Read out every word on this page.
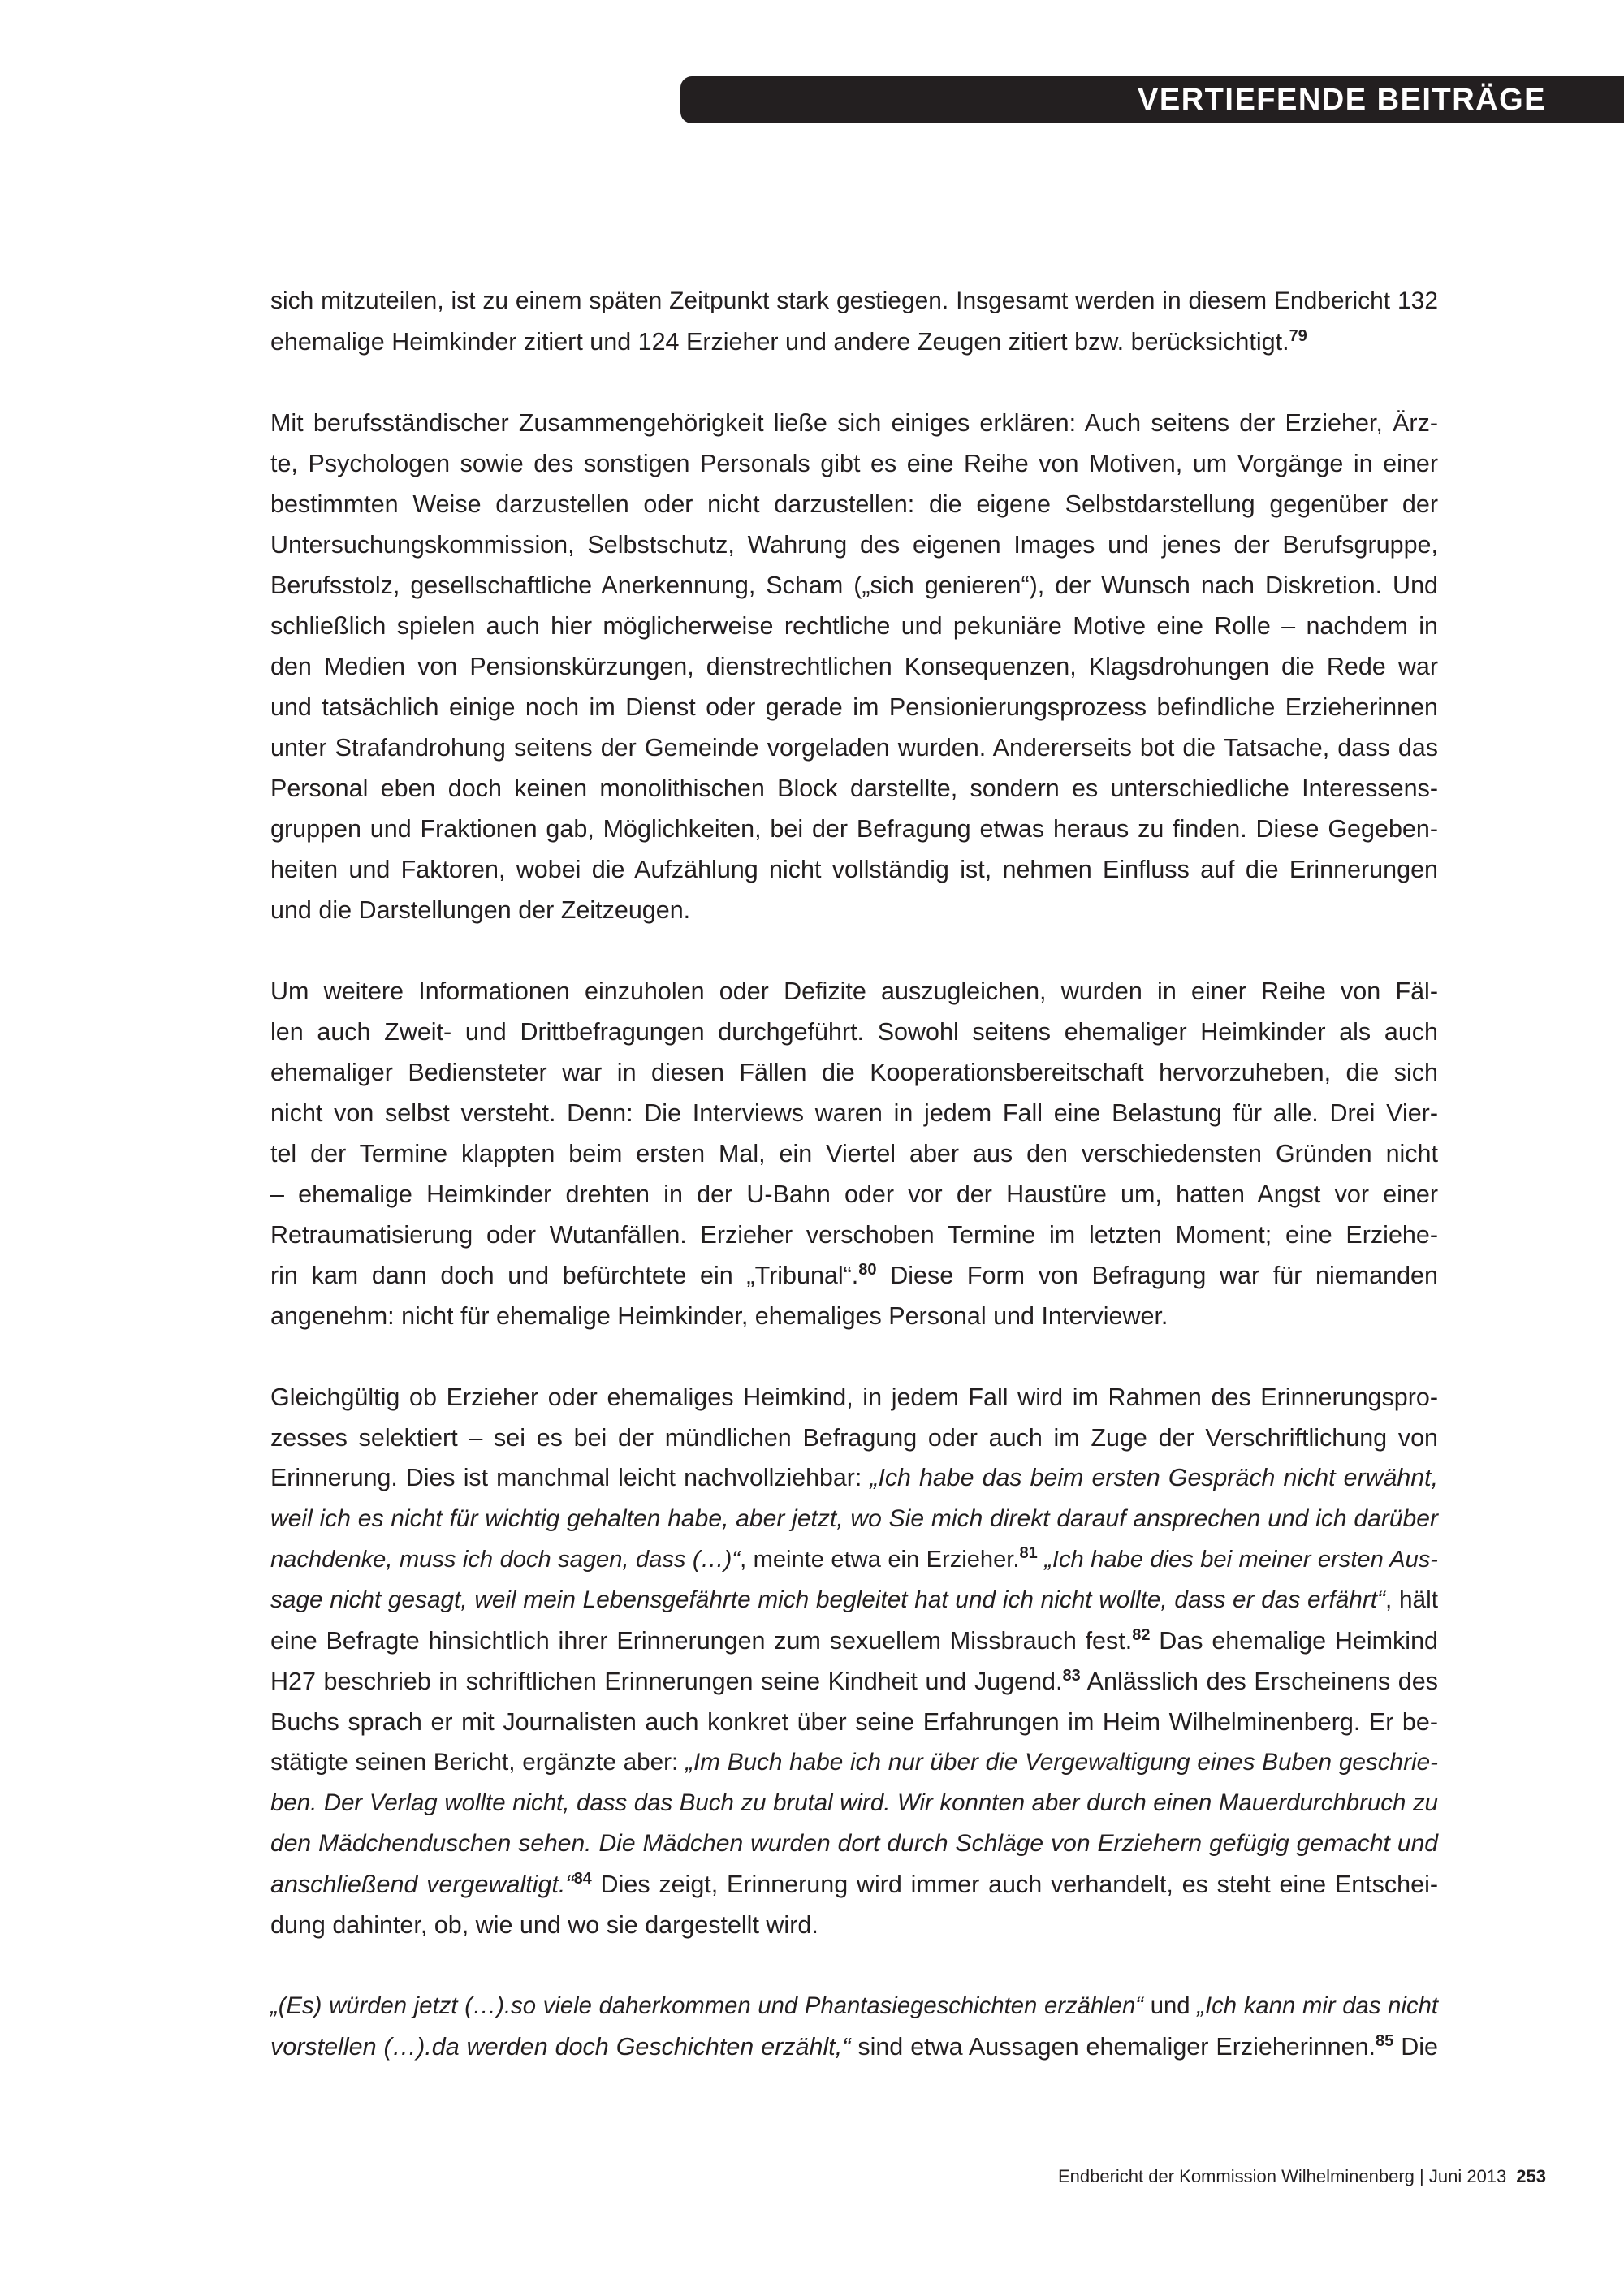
VERTIEFENDE BEITRÄGE

sich mitzuteilen, ist zu einem späten Zeitpunkt stark gestiegen. Insgesamt werden in diesem Endbericht 132
ehemalige Heimkinder zitiert und 124 Erzieher und andere Zeugen zitiert bzw. berücksichtigt.$^{79}$

Mit berufsständischer Zusammengehörigkeit ließe sich einiges erklären: Auch seitens der Erzieher, Ärz-
te, Psychologen sowie des sonstigen Personals gibt es eine Reihe von Motiven, um Vorgänge in einer
bestimmten Weise darzustellen oder nicht darzustellen: die eigene Selbstdarstellung gegenüber der
Untersuchungskommission, Selbstschutz, Wahrung des eigenen Images und jenes der Berufsgruppe,
Berufsstolz, gesellschaftliche Anerkennung, Scham („sich genieren“), der Wunsch nach Diskretion. Und
schließlich spielen auch hier möglicherweise rechtliche und pekuniäre Motive eine Rolle – nachdem in
den Medien von Pensionskürzungen, dienstrechtlichen Konsequenzen, Klagsdrohungen die Rede war
und tatsächlich einige noch im Dienst oder gerade im Pensionierungsprozess befindliche Erzieherinnen
unter Strafandrohung seitens der Gemeinde vorgeladen wurden. Andererseits bot die Tatsache, dass das
Personal eben doch keinen monolithischen Block darstellte, sondern es unterschiedliche Interessens-
gruppen und Fraktionen gab, Möglichkeiten, bei der Befragung etwas heraus zu finden. Diese Gegeben-
heiten und Faktoren, wobei die Aufzählung nicht vollständig ist, nehmen Einfluss auf die Erinnerungen
und die Darstellungen der Zeitzeugen.

Um weitere Informationen einzuholen oder Defizite auszugleichen, wurden in einer Reihe von Fäl-
len auch Zweit- und Drittbefragungen durchgeführt. Sowohl seitens ehemaliger Heimkinder als auch
ehemaliger Bediensteter war in diesen Fällen die Kooperationsbereitschaft hervorzuheben, die sich
nicht von selbst versteht. Denn: Die Interviews waren in jedem Fall eine Belastung für alle. Drei Vier-
tel der Termine klappten beim ersten Mal, ein Viertel aber aus den verschiedensten Gründen nicht
– ehemalige Heimkinder drehten in der U-Bahn oder vor der Haustüre um, hatten Angst vor einer
Retraumatisierung oder Wutanfällen. Erzieher verschoben Termine im letzten Moment; eine Erziehe-
rin kam dann doch und befürchtete ein „Tribunal“.$^{80}$ Diese Form von Befragung war für niemanden
angenehm: nicht für ehemalige Heimkinder, ehemaliges Personal und Interviewer.

Gleichgültig ob Erzieher oder ehemaliges Heimkind, in jedem Fall wird im Rahmen des Erinnerungspro-
zesses selektiert – sei es bei der mündlichen Befragung oder auch im Zuge der Verschriftlichung von
Erinnerung. Dies ist manchmal leicht nachvollziehbar: „Ich habe das beim ersten Gespräch nicht erwähnt,
weil ich es nicht für wichtig gehalten habe, aber jetzt, wo Sie mich direkt darauf ansprechen und ich darüber
nachdenke, muss ich doch sagen, dass (…)“, meinte etwa ein Erzieher.$^{81}$ „Ich habe dies bei meiner ersten Aus-
sage nicht gesagt, weil mein Lebensgefährte mich begleitet hat und ich nicht wollte, dass er das erfährt“, hält
eine Befragte hinsichtlich ihrer Erinnerungen zum sexuellem Missbrauch fest.$^{82}$ Das ehemalige Heimkind
H27 beschrieb in schriftlichen Erinnerungen seine Kindheit und Jugend.$^{83}$ Anlässlich des Erscheinens des
Buchs sprach er mit Journalisten auch konkret über seine Erfahrungen im Heim Wilhelminenberg. Er be-
stätigte seinen Bericht, ergänzte aber: „Im Buch habe ich nur über die Vergewaltigung eines Buben geschrie-
ben. Der Verlag wollte nicht, dass das Buch zu brutal wird. Wir konnten aber durch einen Mauerdurchbruch zu
den Mädchenduschen sehen. Die Mädchen wurden dort durch Schläge von Erziehern gefügig gemacht und
anschließend vergewaltigt.“$^{84}$ Dies zeigt, Erinnerung wird immer auch verhandelt, es steht eine Entschei-
dung dahinter, ob, wie und wo sie dargestellt wird.

„(Es) würden jetzt (…).so viele daherkommen und Phantasiegeschichten erzählen“ und „Ich kann mir das nicht
vorstellen (…).da werden doch Geschichten erzählt,“ sind etwa Aussagen ehemaliger Erzieherinnen.$^{85}$ Die

Endbericht der Kommission Wilhelminenberg | Juni 2013 253
